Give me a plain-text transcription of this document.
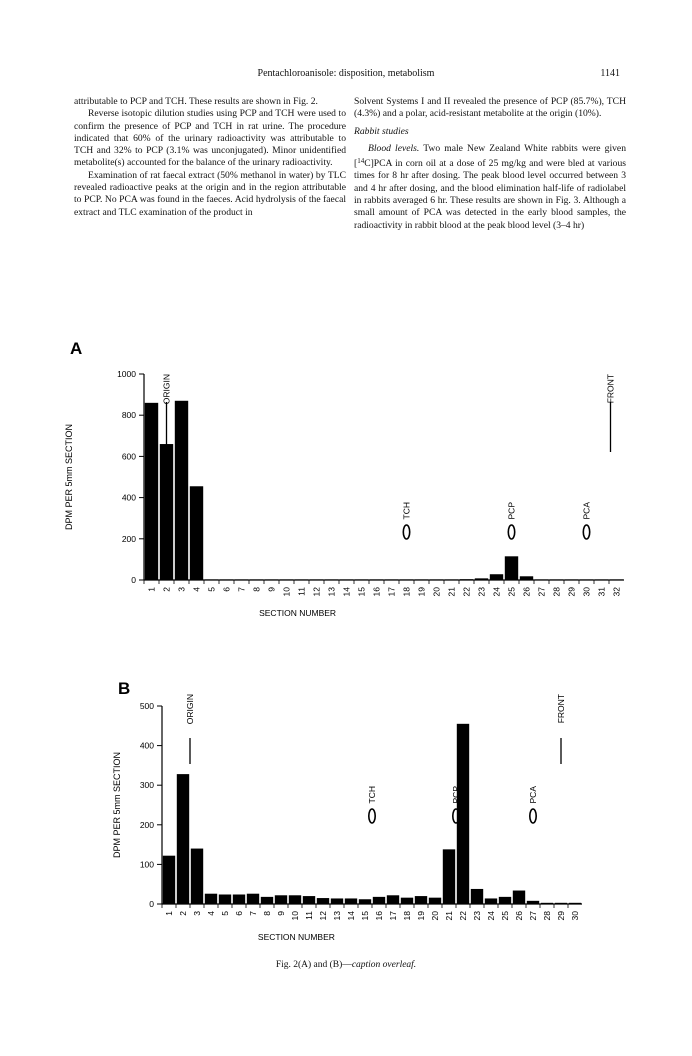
Pentachloroanisole: disposition, metabolism	1141

attributable to PCP and TCH. These results are shown in Fig. 2.

Reverse isotopic dilution studies using PCP and TCH were used to confirm the presence of PCP and TCH in rat urine. The procedure indicated that 60% of the urinary radioactivity was attributable to TCH and 32% to PCP (3.1% was unconjugated). Minor unidentified metabolite(s) accounted for the balance of the urinary radioactivity.

Examination of rat faecal extract (50% methanol in water) by TLC revealed radioactive peaks at the origin and in the region attributable to PCP. No PCA was found in the faeces. Acid hydrolysis of the faecal extract and TLC examination of the product in

Solvent Systems I and II revealed the presence of PCP (85.7%), TCH (4.3%) and a polar, acid-resistant metabolite at the origin (10%).

Rabbit studies

Blood levels. Two male New Zealand White rabbits were given [$^{14}$C]PCA in corn oil at a dose of 25 mg/kg and were bled at various times for 8 hr after dosing. The peak blood level occurred between 3 and 4 hr after dosing, and the blood elimination half-life of radiolabel in rabbits averaged 6 hr. These results are shown in Fig. 3. Although a small amount of PCA was detected in the early blood samples, the radioactivity in rabbit blood at the peak blood level (3–4 hr)

A
0
200
400
600
800
1000
1 2 3 4 5 6 7 8 9 10 11 12 13 14 15 16 17 18 19 20 21 22 23 24 25 26 27 28 29 30 31 32
SECTION NUMBER
DPM PER 5mm SECTION
ORIGIN
TCH	PCP	PCA
FRONT
B
0
100
200
300
400
500
1 2 3 4 5 6 7 8 9 10 11 12 13 14 15 16 17 18 19 20 21 22 23 24 25 26 27 28 29 30
SECTION NUMBER
DPM PER 5mm SECTION
ORIGIN
TCH	PCP	PCA
FRONT
Fig. 2(A) and (B)—caption overleaf.
